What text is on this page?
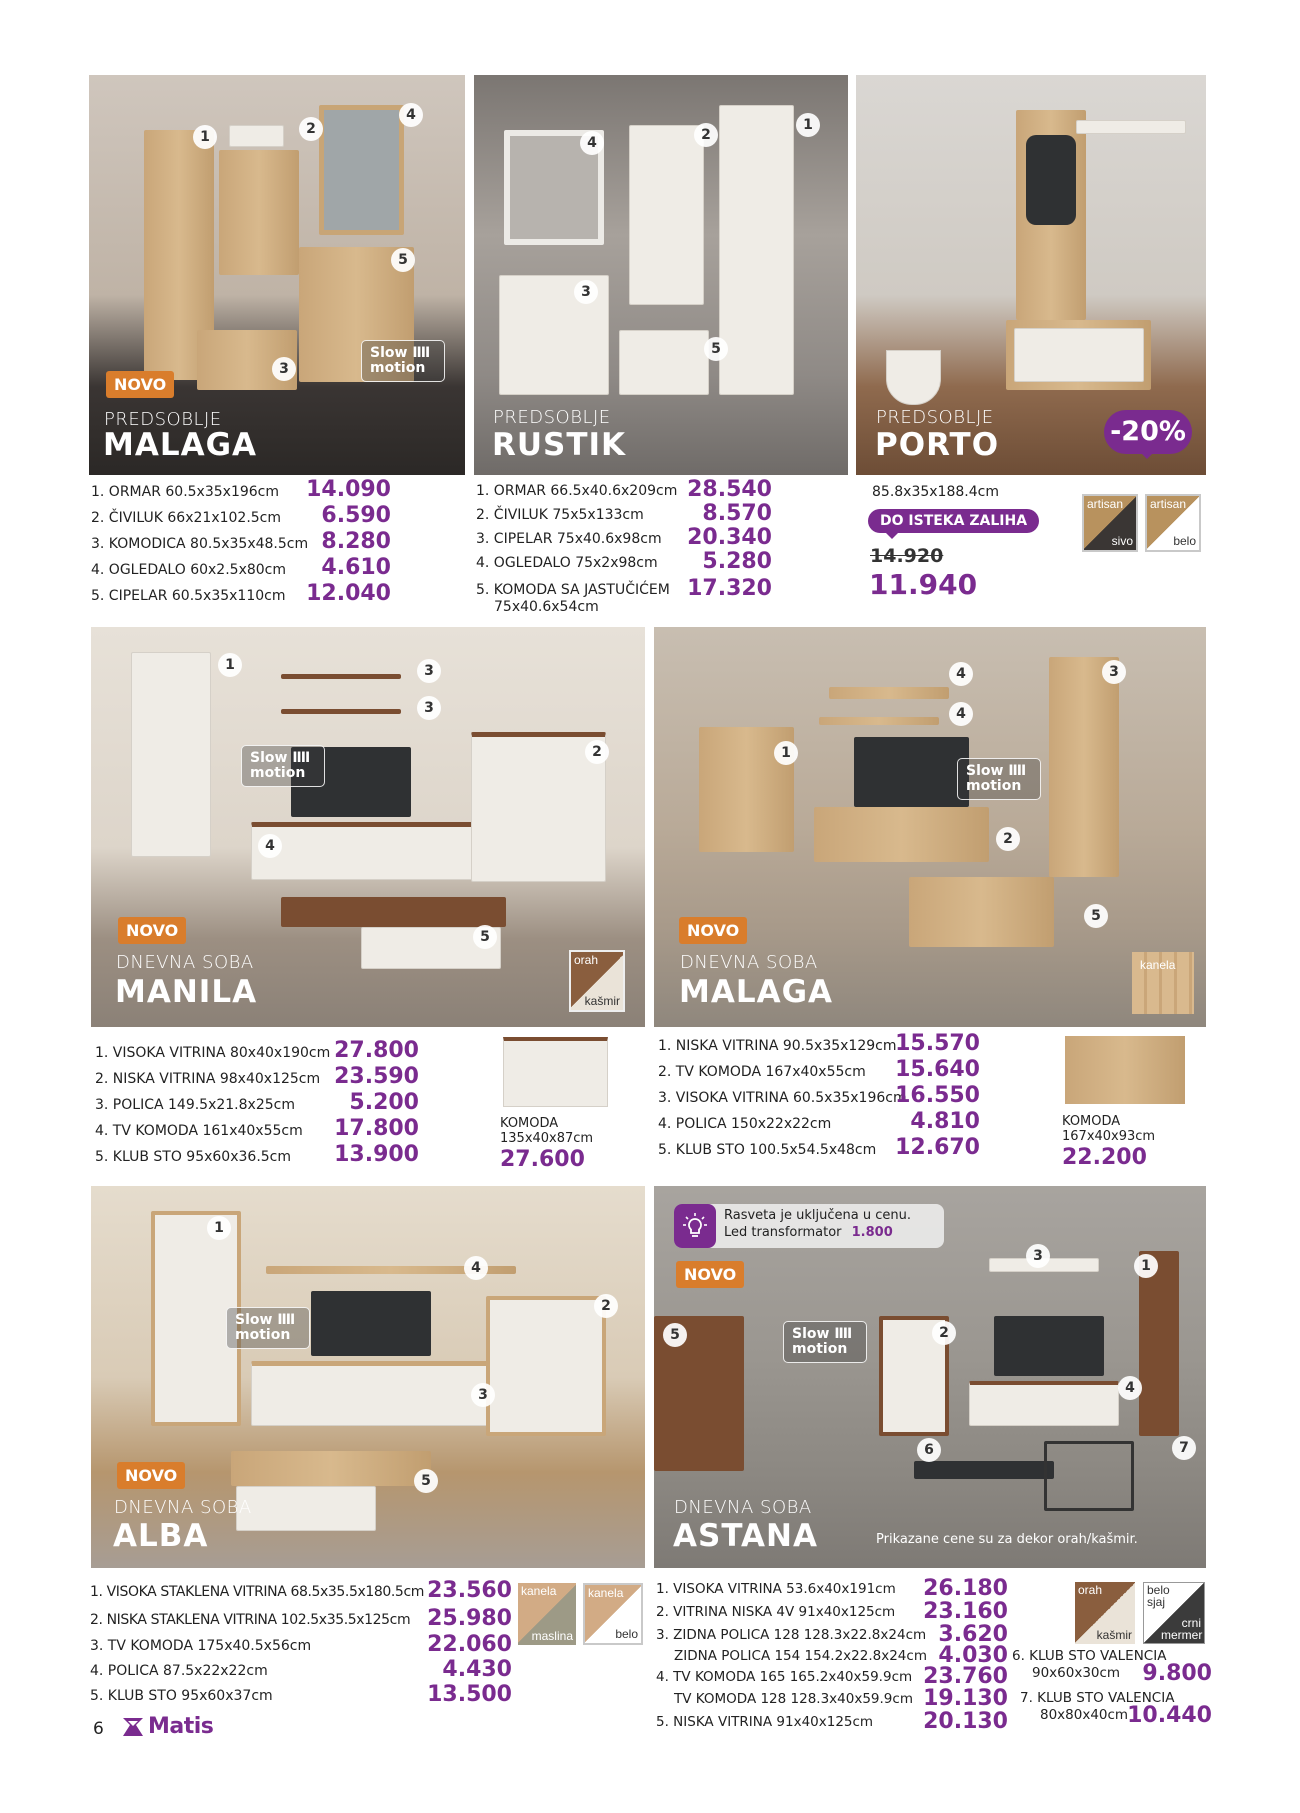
1	2
3
4
5
Slow IIII
motion
NOVO
PREDSOBLJE
MALAGA
1. ORMAR 60.5x35x196cm 14.090
2. ČIVILUK 66x21x102.5cm 6.590
3. KOMODICA 80.5x35x48.5cm 8.280
4. OGLEDALO 60x2.5x80cm 4.610
5. CIPELAR 60.5x35x110cm 12.040
1
2
3
4
5
PREDSOBLJE
RUSTIK
1. ORMAR 66.5x40.6x209cm 28.540
2. ČIVILUK 75x5x133cm	8.570
3. CIPELAR 75x40.6x98cm 20.340
4. OGLEDALO 75x2x98cm 5.280
5. KOMODA SA JASTUČIĆEM 17.320
75x40.6x54cm
PREDSOBLJE
PORTO	-20%
85.8x35x188.4cm
DO ISTEKA ZALIHA
14.920
11.940
artisan
sivo
artisan
belo
1
2
3
3
4
5
Slow IIII
motion
NOVO
DNEVNA SOBA
MANILA
orah
kašmir
1. VISOKA VITRINA 80x40x190cm 27.800
2. NISKA VITRINA 98x40x125cm 23.590
3. POLICA 149.5x21.8x25cm 5.200
4. TV KOMODA 161x40x55cm 17.800
5. KLUB STO 95x60x36.5cm 13.900
KOMODA
135x40x87cm
27.600
1
2
3
4
4
5
Slow IIII
motion
NOVO
DNEVNA SOBA
MALAGA
kanela
1. NISKA VITRINA 90.5x35x129cm
15.570
2. TV KOMODA 167x40x55cm 15.640
3. VISOKA VITRINA 60.5x35x196cm
16.550
4. POLICA 150x22x22cm	4.810
5. KLUB STO 100.5x54.5x48cm 12.670
KOMODA
167x40x93cm
22.200
1
2
3
4
5
Slow IIII
motion
NOVO
DNEVNA SOBA
ALBA
1. VISOKA STAKLENA VITRINA 68.5x35.5x180.5cm 23.560
2. NISKA STAKLENA VITRINA 102.5x35.5x125cm 25.980
3. TV KOMODA 175x40.5x56cm	22.060
4. POLICA 87.5x22x22cm	4.430
5. KLUB STO 95x60x37cm	13.500
kanela
maslina
kanela
belo
1
2
3
4
5
6	7
Slow IIII
motion
Rasveta je uključena u cenu.
Led transformator 1.800
NOVO
DNEVNA SOBA
ASTANA	Prikazane cene su za dekor orah/kašmir.
1. VISOKA VITRINA 53.6x40x191cm 26.180
2. VITRINA NISKA 4V 91x40x125cm 23.160
3. ZIDNA POLICA 128 128.3x22.8x24cm 3.620
ZIDNA POLICA 154 154.2x22.8x24cm 4.030
4. TV KOMODA 165 165.2x40x59.9cm 23.760
TV KOMODA 128 128.3x40x59.9cm 19.130
5. NISKA VITRINA 91x40x125cm 20.130
orah
kašmir
belo sjaj
crni mermer
6. KLUB STO VALENCIA
90x60x30cm	9.800
7. KLUB STO VALENCIA
80x80x40cm 10.440
6 Matis
